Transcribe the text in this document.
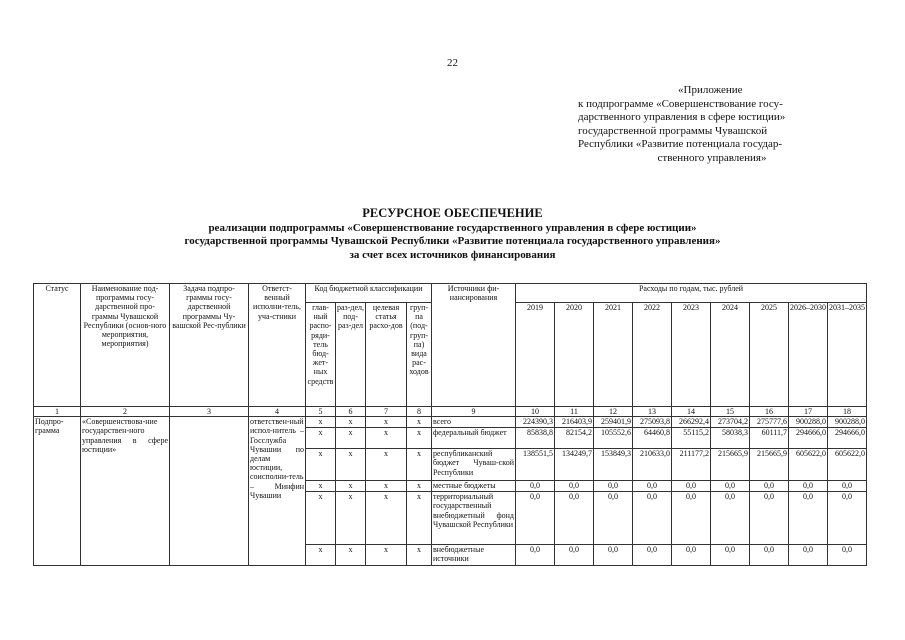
22
«Приложение
к подпрограмме «Совершенствование госу-
дарственного управления в сфере юстиции»
государственной программы Чувашской
Республики «Развитие потенциала государ-
ственного управления»
РЕСУРСНОЕ ОБЕСПЕЧЕНИЕ
реализации подпрограммы «Совершенствование государственного управления в сфере юстиции»
государственной программы Чувашской Республики «Развитие потенциала государственного управления»
за счет всех источников финансирования
Статус	Наименование под-программы госу-дарственной про-граммы Чувашской Республики (основ-ного мероприятия, мероприятия)	Задача подпро-граммы госу-дарственной программы Чу-вашской Рес-публики	Ответст-венный исполни-тель, уча-стники	Код бюджетной классификации				Источники фи-нансирования	Расходы по годам, тыс. рублей								
				глав-ный распо-ряди-тель бюд-жет-ных средств	раз-дел, под-раз-дел	целевая статья расхо-дов	груп-па (под-груп-па) вида рас-ходов		2019	2020	2021	2022	2023	2024	2025	2026–2030	2031–2035
1	2	3	4	5	6	7	8	9	10	11	12	13	14	15	16	17	18
Подпро-грамма	«Совершенствова-ние государствен-ного управления в сфере юстиции»		ответствен-ный испол-нитель – Госслужба Чувашии по делам юстиции, соисполни-тель – Минфин Чувашии	x	x	x	x	всего	224390,3	216403,9	259401,9	275093,8	266292,4	273704,2	275777,6	900288,0	900288,0
				x	x	x	x	федеральный бюджет	85838,8	82154,2	105552,6	64460,8	55115,2	58038,3	60111,7	294666,0	294666,0
				x	x	x	x	республиканский бюджет Чуваш-ской Республики	138551,5	134249,7	153849,3	210633,0	211177,2	215665,9	215665,9	605622,0	605622,0
				x	x	x	x	местные бюджеты	0,0	0,0	0,0	0,0	0,0	0,0	0,0	0,0	0,0
				x	x	x	x	территориальный государственный внебюджетный фонд Чувашской Республики	0,0	0,0	0,0	0,0	0,0	0,0	0,0	0,0	0,0
				x	x	x	x	внебюджетные источники	0,0	0,0	0,0	0,0	0,0	0,0	0,0	0,0	0,0
